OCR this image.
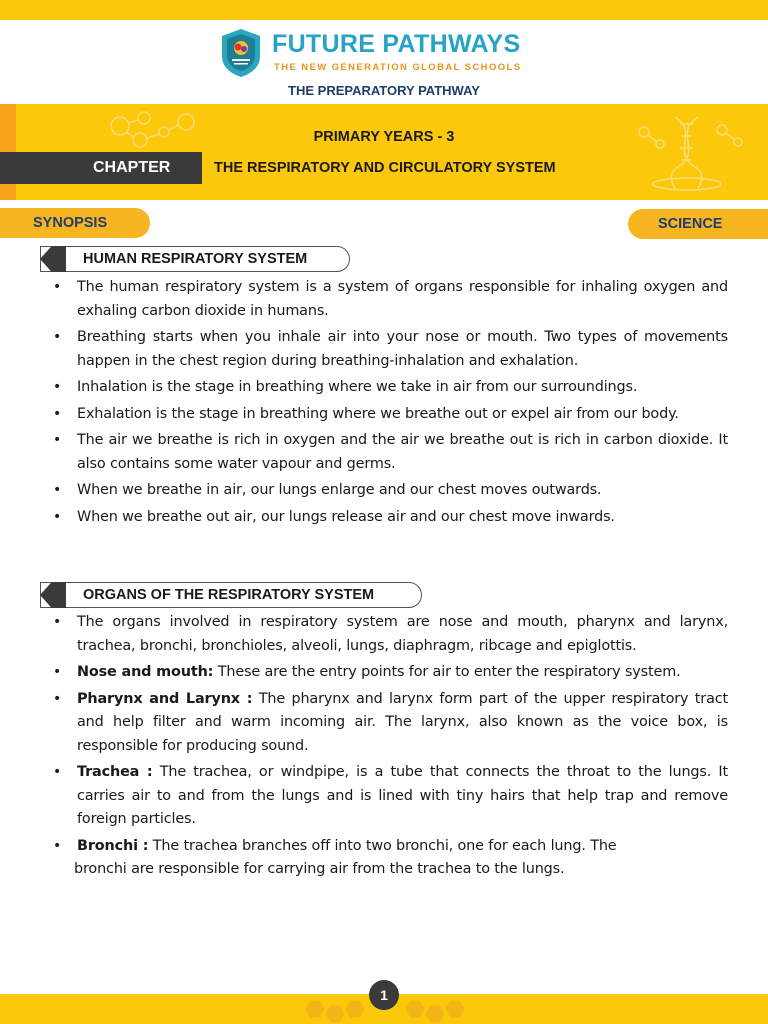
FUTURE PATHWAYS
THE NEW GENERATION GLOBAL SCHOOLS
THE PREPARATORY PATHWAY
PRIMARY YEARS - 3
CHAPTER	THE RESPIRATORY AND CIRCULATORY SYSTEM
SYNOPSIS	SCIENCE
HUMAN RESPIRATORY SYSTEM
• The human respiratory system is a system of organs responsible for inhaling oxygen and exhaling carbon dioxide in humans.
• Breathing starts when you inhale air into your nose or mouth. Two types of movements happen in the chest region during breathing-inhalation and exhalation.
• Inhalation is the stage in breathing where we take in air from our surroundings.
• Exhalation is the stage in breathing where we breathe out or expel air from our body.
• The air we breathe is rich in oxygen and the air we breathe out is rich in carbon dioxide. It also contains some water vapour and germs.
• When we breathe in air, our lungs enlarge and our chest moves outwards.
• When we breathe out air, our lungs release air and our chest move inwards.
ORGANS OF THE RESPIRATORY SYSTEM
• The organs involved in respiratory system are nose and mouth, pharynx and larynx, trachea, bronchi, bronchioles, alveoli, lungs, diaphragm, ribcage and epiglottis.
• Nose and mouth: These are the entry points for air to enter the respiratory system.
• Pharynx and Larynx : The pharynx and larynx form part of the upper respiratory tract and help filter and warm incoming air. The larynx, also known as the voice box, is responsible for producing sound.
• Trachea : The trachea, or windpipe, is a tube that connects the throat to the lungs. It carries air to and from the lungs and is lined with tiny hairs that help trap and remove foreign particles.
• Bronchi : The trachea branches off into two bronchi, one for each lung. The
bronchi are responsible for carrying air from the trachea to the lungs.
1
